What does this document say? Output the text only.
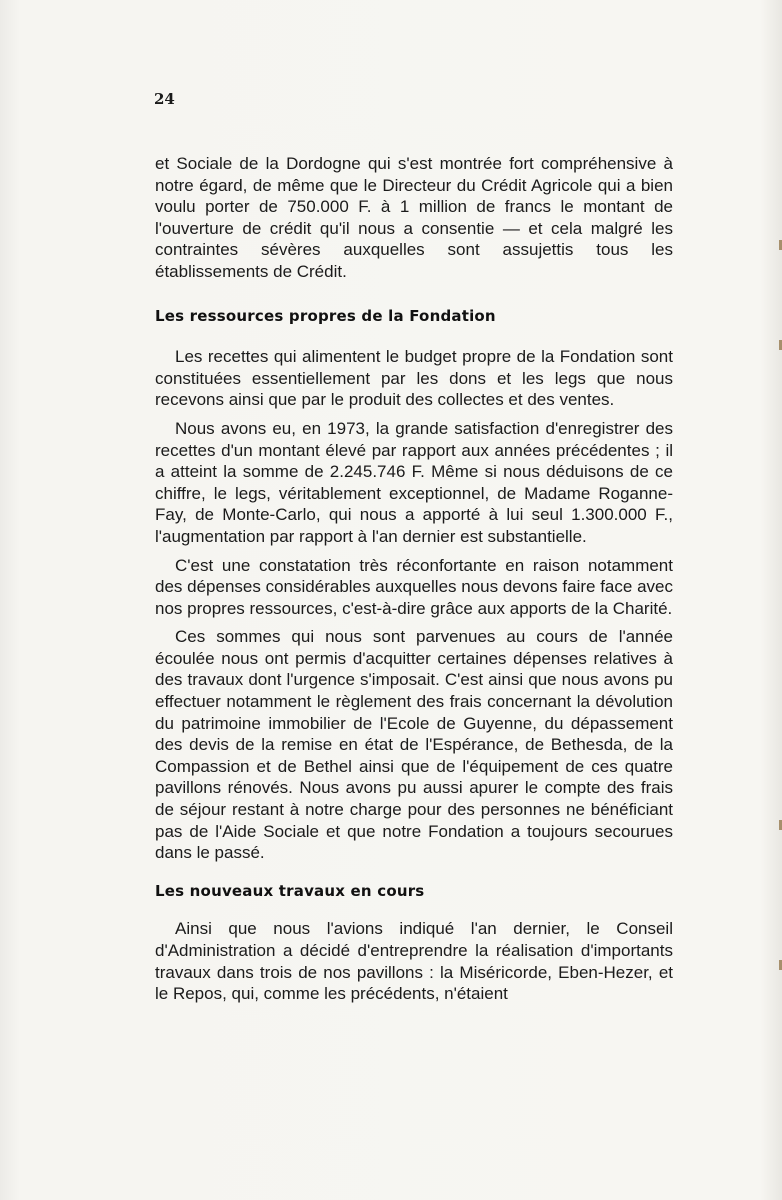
24

et Sociale de la Dordogne qui s'est montrée fort compréhensive à notre égard, de même que le Directeur du Crédit Agricole qui a bien voulu porter de 750.000 F. à 1 million de francs le montant de l'ouverture de crédit qu'il nous a consentie — et cela malgré les contraintes sévères auxquelles sont assujettis tous les établissements de Crédit.

Les ressources propres de la Fondation

Les recettes qui alimentent le budget propre de la Fondation sont constituées essentiellement par les dons et les legs que nous recevons ainsi que par le produit des collectes et des ventes.

Nous avons eu, en 1973, la grande satisfaction d'enregistrer des recettes d'un montant élevé par rapport aux années précédentes ; il a atteint la somme de 2.245.746 F. Même si nous déduisons de ce chiffre, le legs, véritablement exceptionnel, de Madame Roganne-Fay, de Monte-Carlo, qui nous a apporté à lui seul 1.300.000 F., l'augmentation par rapport à l'an dernier est substantielle.

C'est une constatation très réconfortante en raison notamment des dépenses considérables auxquelles nous devons faire face avec nos propres ressources, c'est-à-dire grâce aux apports de la Charité.

Ces sommes qui nous sont parvenues au cours de l'année écoulée nous ont permis d'acquitter certaines dépenses relatives à des travaux dont l'urgence s'imposait. C'est ainsi que nous avons pu effectuer notamment le règlement des frais concernant la dévolution du patrimoine immobilier de l'Ecole de Guyenne, du dépassement des devis de la remise en état de l'Espérance, de Bethesda, de la Compassion et de Bethel ainsi que de l'équipement de ces quatre pavillons rénovés. Nous avons pu aussi apurer le compte des frais de séjour restant à notre charge pour des personnes ne bénéficiant pas de l'Aide Sociale et que notre Fondation a toujours secourues dans le passé.

Les nouveaux travaux en cours

Ainsi que nous l'avions indiqué l'an dernier, le Conseil d'Administration a décidé d'entreprendre la réalisation d'importants travaux dans trois de nos pavillons : la Miséricorde, Eben-Hezer, et le Repos, qui, comme les précédents, n'étaient
